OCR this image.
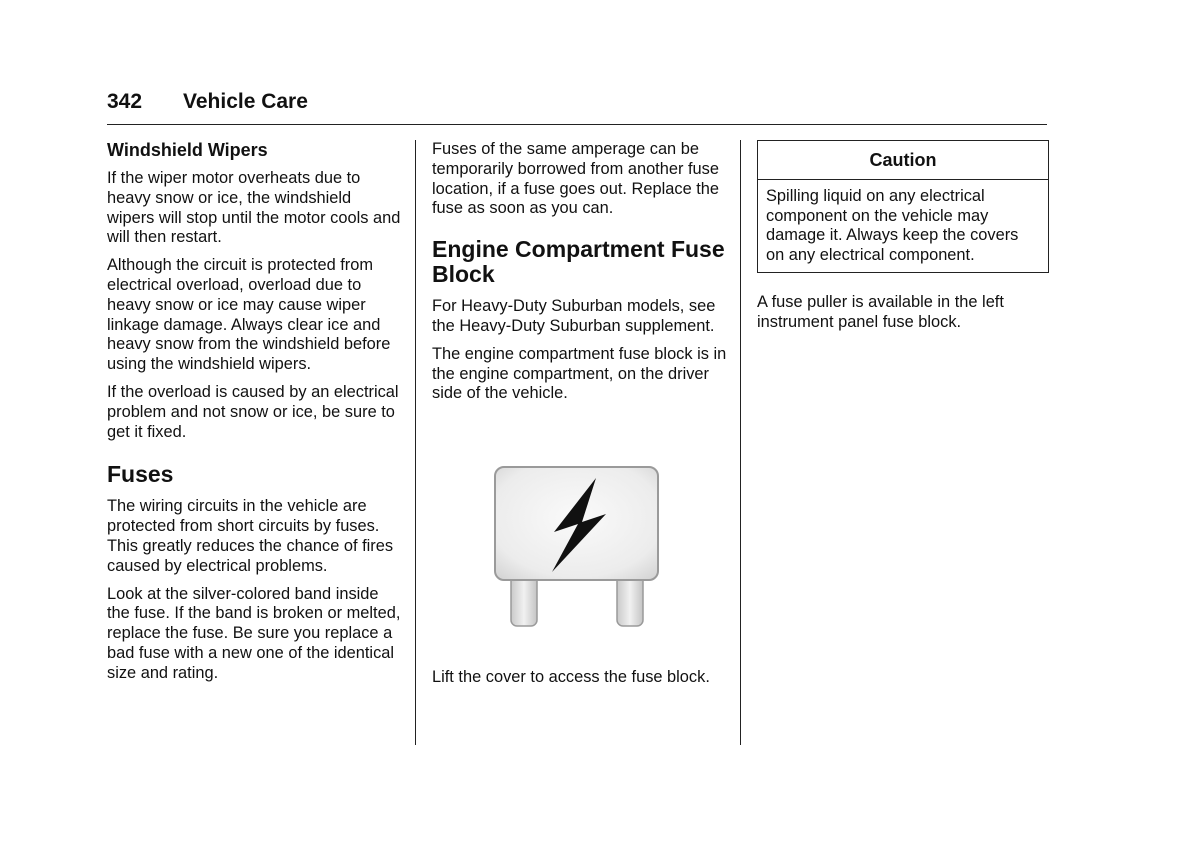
342 Vehicle Care
Windshield Wipers

If the wiper motor overheats due to heavy snow or ice, the windshield wipers will stop until the motor cools and will then restart.

Although the circuit is protected from electrical overload, overload due to heavy snow or ice may cause wiper linkage damage. Always clear ice and heavy snow from the windshield before using the windshield wipers.

If the overload is caused by an electrical problem and not snow or ice, be sure to get it fixed.

Fuses

The wiring circuits in the vehicle are protected from short circuits by fuses. This greatly reduces the chance of fires caused by electrical problems.

Look at the silver-colored band inside the fuse. If the band is broken or melted, replace the fuse. Be sure you replace a bad fuse with a new one of the identical size and rating.

Fuses of the same amperage can be temporarily borrowed from another fuse location, if a fuse goes out. Replace the fuse as soon as you can.

Engine Compartment Fuse Block

For Heavy-Duty Suburban models, see the Heavy-Duty Suburban supplement.

The engine compartment fuse block is in the engine compartment, on the driver side of the vehicle.

Lift the cover to access the fuse block.

Caution

Spilling liquid on any electrical component on the vehicle may damage it. Always keep the covers on any electrical component.

A fuse puller is available in the left instrument panel fuse block.
